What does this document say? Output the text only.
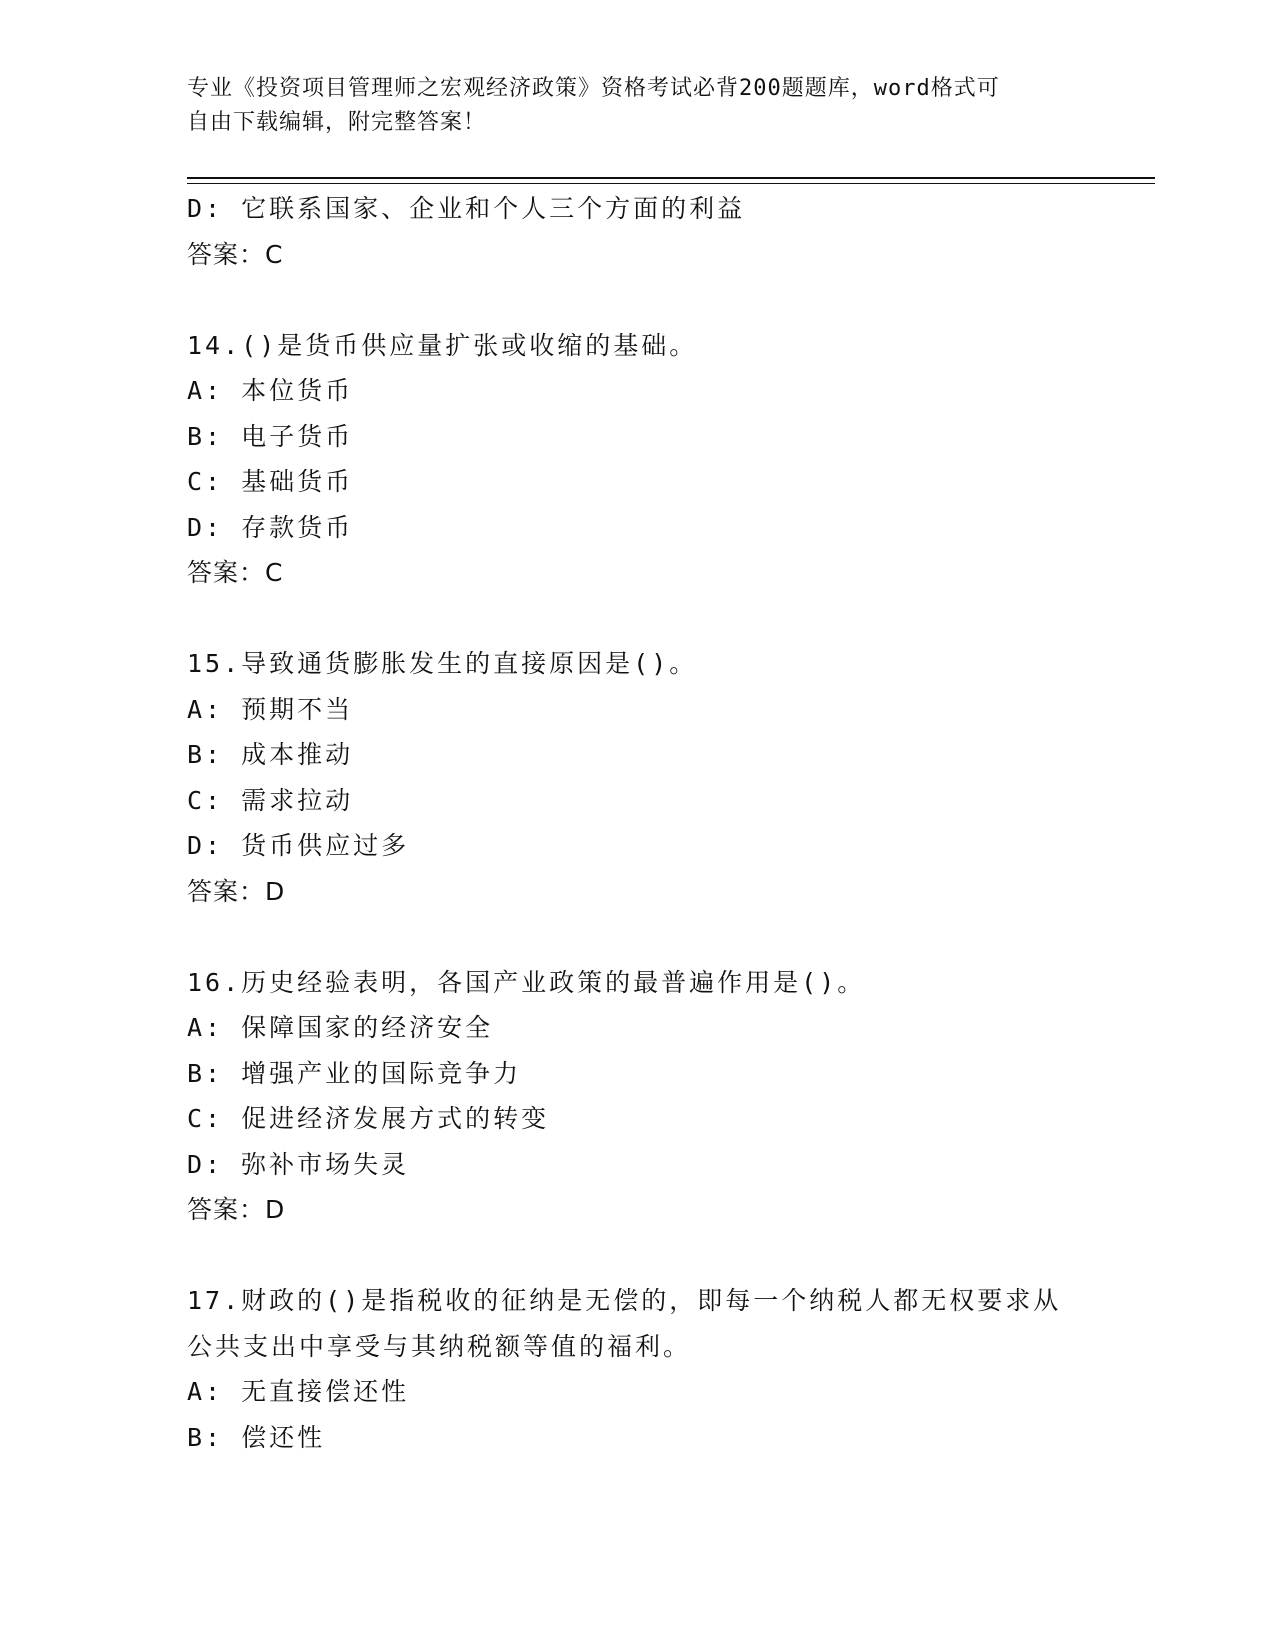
专业《投资项目管理师之宏观经济政策》资格考试必背200题题库，word格式可
自由下载编辑，附完整答案！
D: 它联系国家、企业和个人三个方面的利益
答案：C
14.()是货币供应量扩张或收缩的基础。
A: 本位货币
B: 电子货币
C: 基础货币
D: 存款货币
答案：C
15.导致通货膨胀发生的直接原因是()。
A: 预期不当
B: 成本推动
C: 需求拉动
D: 货币供应过多
答案：D
16.历史经验表明，各国产业政策的最普遍作用是()。
A: 保障国家的经济安全
B: 增强产业的国际竞争力
C: 促进经济发展方式的转变
D: 弥补市场失灵
答案：D
17.财政的()是指税收的征纳是无偿的，即每一个纳税人都无权要求从
公共支出中享受与其纳税额等值的福利。
A: 无直接偿还性
B: 偿还性
